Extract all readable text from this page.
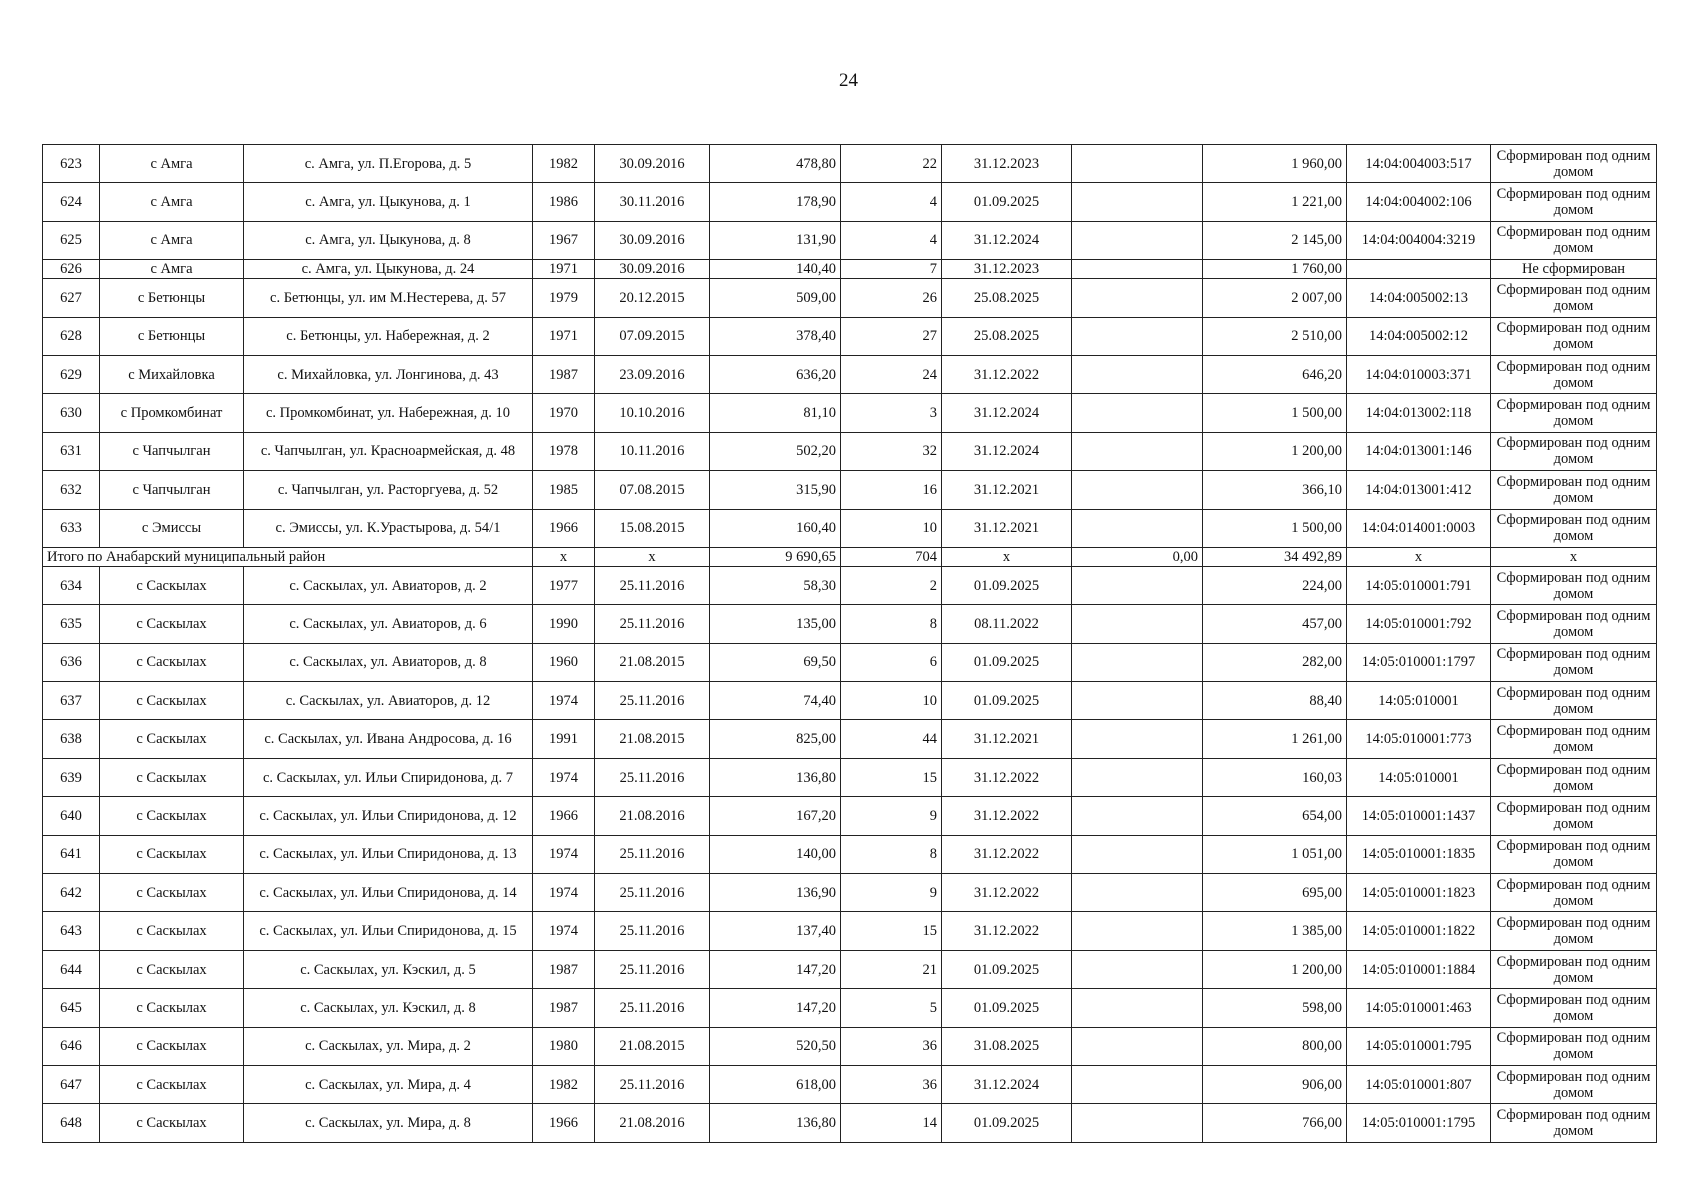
24
623	с Амга	с. Амга, ул. П.Егорова, д. 5	1982	30.09.2016	478,80	22	31.12.2023		1 960,00	14:04:004003:517	Сформирован под одним домом
624	с Амга	с. Амга, ул. Цыкунова, д. 1	1986	30.11.2016	178,90	4	01.09.2025		1 221,00	14:04:004002:106	Сформирован под одним домом
625	с Амга	с. Амга, ул. Цыкунова, д. 8	1967	30.09.2016	131,90	4	31.12.2024		2 145,00	14:04:004004:3219	Сформирован под одним домом
626	с Амга	с. Амга, ул. Цыкунова, д. 24	1971	30.09.2016	140,40	7	31.12.2023		1 760,00		Не сформирован
627	с Бетюнцы	с. Бетюнцы, ул. им М.Нестерева, д. 57	1979	20.12.2015	509,00	26	25.08.2025		2 007,00	14:04:005002:13	Сформирован под одним домом
628	с Бетюнцы	с. Бетюнцы, ул. Набережная, д. 2	1971	07.09.2015	378,40	27	25.08.2025		2 510,00	14:04:005002:12	Сформирован под одним домом
629	с Михайловка	с. Михайловка, ул. Лонгинова, д. 43	1987	23.09.2016	636,20	24	31.12.2022		646,20	14:04:010003:371	Сформирован под одним домом
630	с Промкомбинат	с. Промкомбинат, ул. Набережная, д. 10	1970	10.10.2016	81,10	3	31.12.2024		1 500,00	14:04:013002:118	Сформирован под одним домом
631	с Чапчылган	с. Чапчылган, ул. Красноармейская, д. 48	1978	10.11.2016	502,20	32	31.12.2024		1 200,00	14:04:013001:146	Сформирован под одним домом
632	с Чапчылган	с. Чапчылган, ул. Расторгуева, д. 52	1985	07.08.2015	315,90	16	31.12.2021		366,10	14:04:013001:412	Сформирован под одним домом
633	с Эмиссы	с. Эмиссы, ул. К.Урастырова, д. 54/1	1966	15.08.2015	160,40	10	31.12.2021		1 500,00	14:04:014001:0003	Сформирован под одним домом
Итого по Анабарский муниципальный район			x	x	9 690,65	704	x	0,00	34 492,89	x	x
634	с Саскылах	с. Саскылах, ул. Авиаторов, д. 2	1977	25.11.2016	58,30	2	01.09.2025		224,00	14:05:010001:791	Сформирован под одним домом
635	с Саскылах	с. Саскылах, ул. Авиаторов, д. 6	1990	25.11.2016	135,00	8	08.11.2022		457,00	14:05:010001:792	Сформирован под одним домом
636	с Саскылах	с. Саскылах, ул. Авиаторов, д. 8	1960	21.08.2015	69,50	6	01.09.2025		282,00	14:05:010001:1797	Сформирован под одним домом
637	с Саскылах	с. Саскылах, ул. Авиаторов, д. 12	1974	25.11.2016	74,40	10	01.09.2025		88,40	14:05:010001	Сформирован под одним домом
638	с Саскылах	с. Саскылах, ул. Ивана Андросова, д. 16	1991	21.08.2015	825,00	44	31.12.2021		1 261,00	14:05:010001:773	Сформирован под одним домом
639	с Саскылах	с. Саскылах, ул. Ильи Спиридонова, д. 7	1974	25.11.2016	136,80	15	31.12.2022		160,03	14:05:010001	Сформирован под одним домом
640	с Саскылах	с. Саскылах, ул. Ильи Спиридонова, д. 12	1966	21.08.2016	167,20	9	31.12.2022		654,00	14:05:010001:1437	Сформирован под одним домом
641	с Саскылах	с. Саскылах, ул. Ильи Спиридонова, д. 13	1974	25.11.2016	140,00	8	31.12.2022		1 051,00	14:05:010001:1835	Сформирован под одним домом
642	с Саскылах	с. Саскылах, ул. Ильи Спиридонова, д. 14	1974	25.11.2016	136,90	9	31.12.2022		695,00	14:05:010001:1823	Сформирован под одним домом
643	с Саскылах	с. Саскылах, ул. Ильи Спиридонова, д. 15	1974	25.11.2016	137,40	15	31.12.2022		1 385,00	14:05:010001:1822	Сформирован под одним домом
644	с Саскылах	с. Саскылах, ул. Кэскил, д. 5	1987	25.11.2016	147,20	21	01.09.2025		1 200,00	14:05:010001:1884	Сформирован под одним домом
645	с Саскылах	с. Саскылах, ул. Кэскил, д. 8	1987	25.11.2016	147,20	5	01.09.2025		598,00	14:05:010001:463	Сформирован под одним домом
646	с Саскылах	с. Саскылах, ул. Мира, д. 2	1980	21.08.2015	520,50	36	31.08.2025		800,00	14:05:010001:795	Сформирован под одним домом
647	с Саскылах	с. Саскылах, ул. Мира, д. 4	1982	25.11.2016	618,00	36	31.12.2024		906,00	14:05:010001:807	Сформирован под одним домом
648	с Саскылах	с. Саскылах, ул. Мира, д. 8	1966	21.08.2016	136,80	14	01.09.2025		766,00	14:05:010001:1795	Сформирован под одним домом
